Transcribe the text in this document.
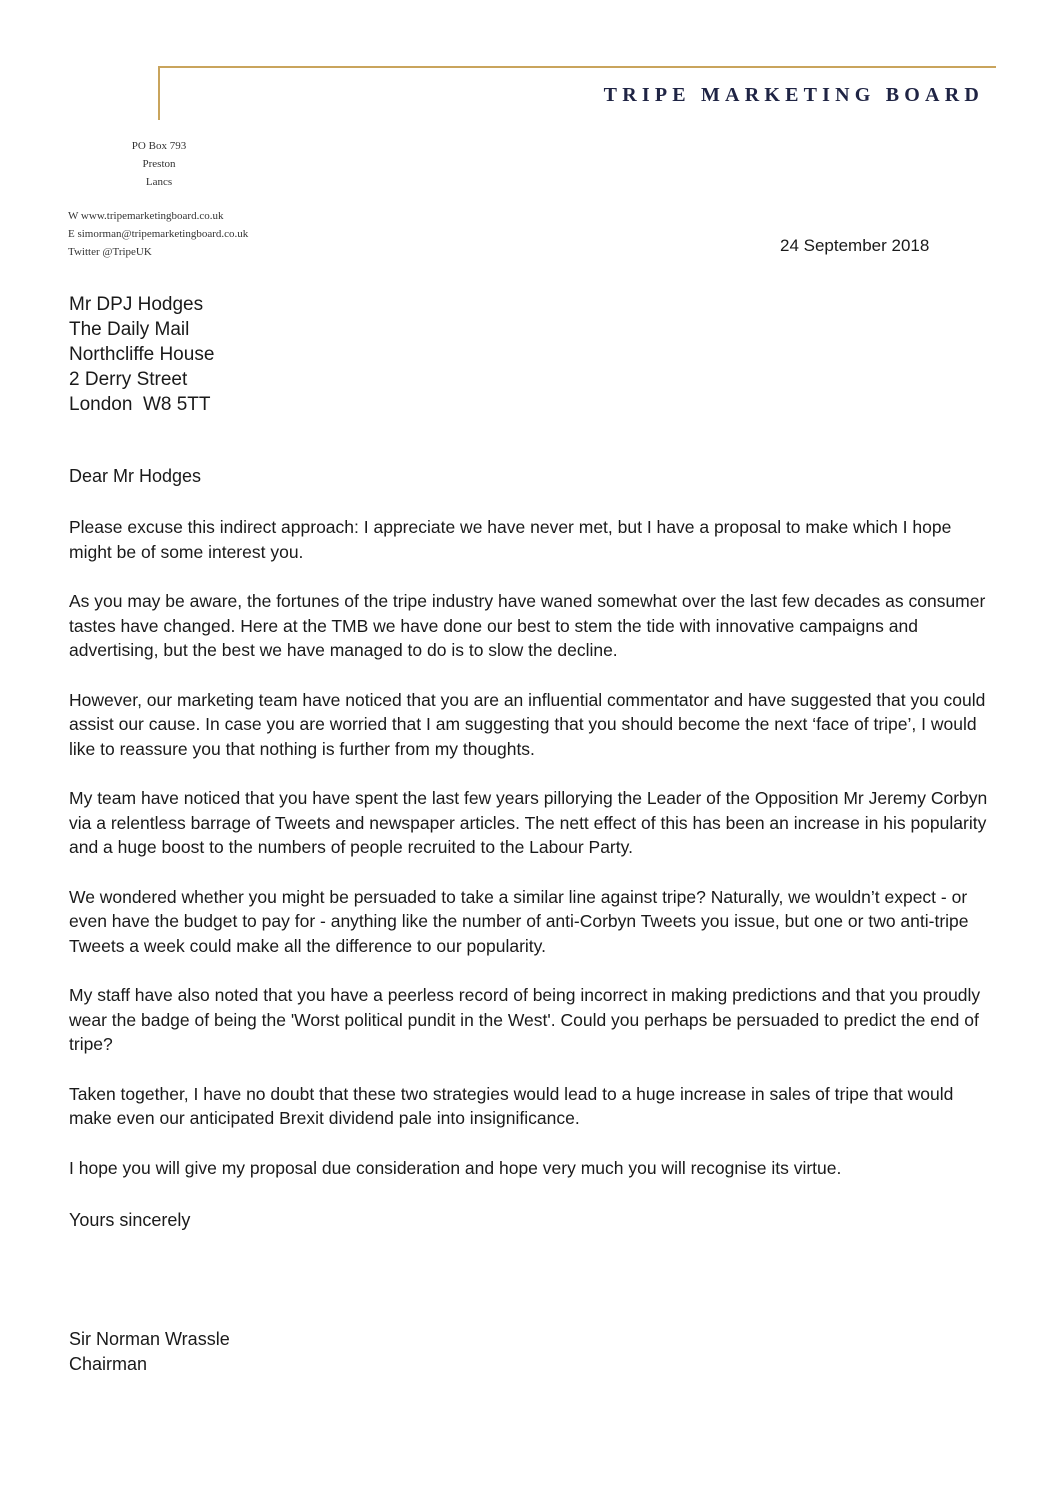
TRIPE MARKETING BOARD
PO Box 793
Preston
Lancs
W www.tripemarketingboard.co.uk
E simorman@tripemarketingboard.co.uk
Twitter @TripeUK	24 September 2018
Mr DPJ Hodges
The Daily Mail
Northcliffe House
2 Derry Street
London  W8 5TT
Dear Mr Hodges

Please excuse this indirect approach: I appreciate we have never met, but I have a proposal to make which I hope might be of some interest you.

As you may be aware, the fortunes of the tripe industry have waned somewhat over the last few decades as consumer tastes have changed. Here at the TMB we have done our best to stem the tide with innovative campaigns and advertising, but the best we have managed to do is to slow the decline.

However, our marketing team have noticed that you are an influential commentator and have suggested that you could assist our cause. In case you are worried that I am suggesting that you should become the next ‘face of tripe’, I would like to reassure you that nothing is further from my thoughts.

My team have noticed that you have spent the last few years pillorying the Leader of the Opposition Mr Jeremy Corbyn via a relentless barrage of Tweets and newspaper articles. The nett effect of this has been an increase in his popularity and a huge boost to the numbers of people recruited to the Labour Party.

We wondered whether you might be persuaded to take a similar line against tripe? Naturally, we wouldn’t expect - or even have the budget to pay for - anything like the number of anti-Corbyn Tweets you issue, but one or two anti-tripe Tweets a week could make all the difference to our popularity.

My staff have also noted that you have a peerless record of being incorrect in making predictions and that you proudly wear the badge of being the 'Worst political pundit in the West'. Could you perhaps be persuaded to predict the end of tripe?

Taken together, I have no doubt that these two strategies would lead to a huge increase in sales of tripe that would make even our anticipated Brexit dividend pale into insignificance.

I hope you will give my proposal due consideration and hope very much you will recognise its virtue.

Yours sincerely
Sir Norman Wrassle
Chairman
